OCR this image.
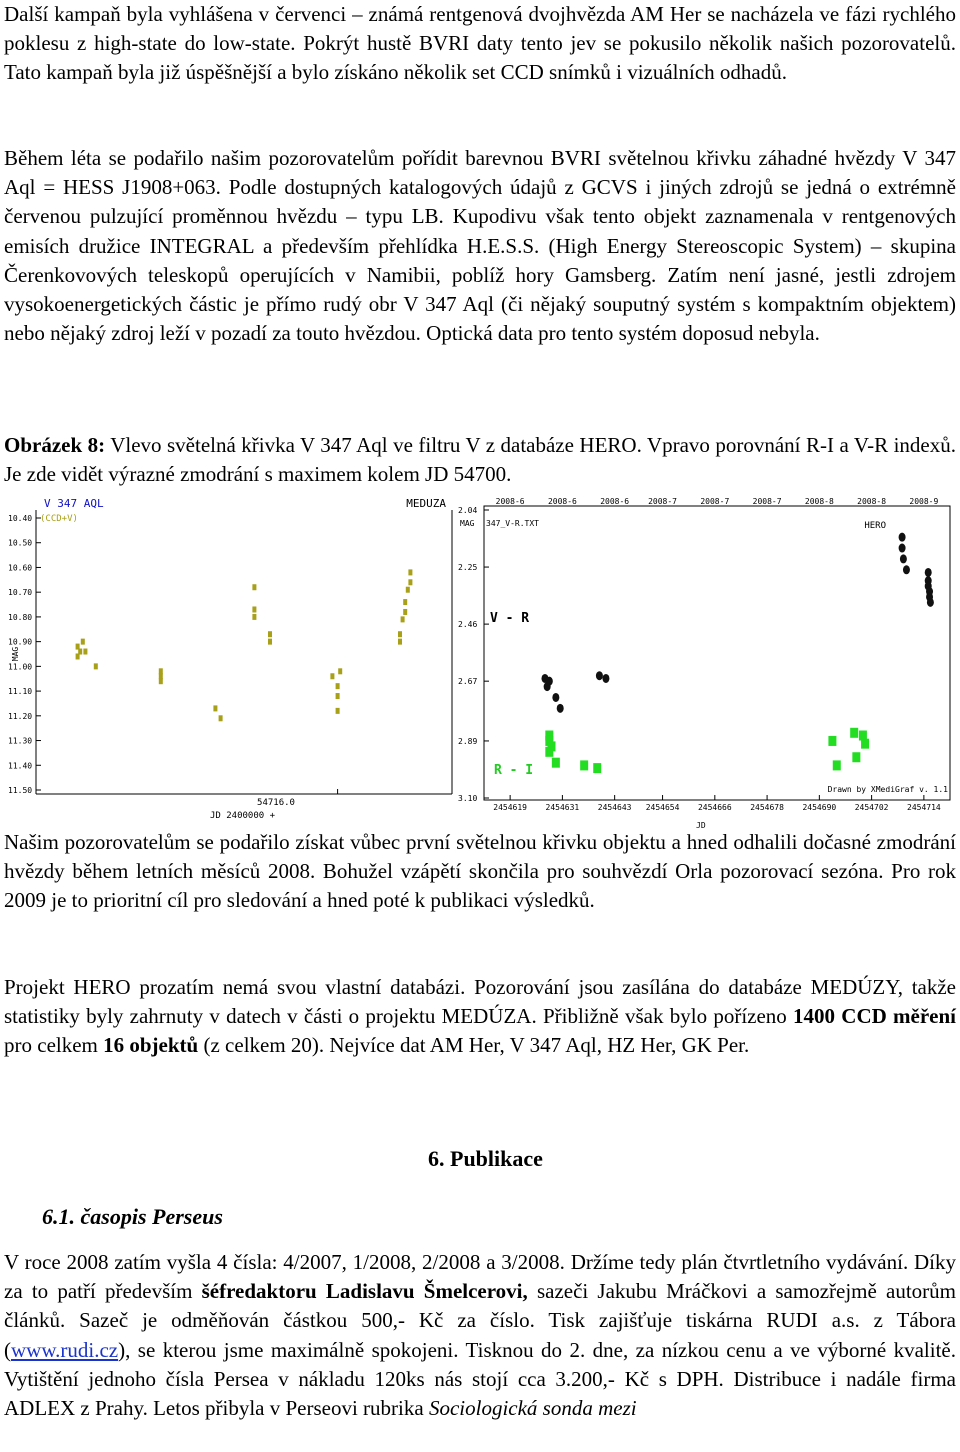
Další kampaň byla vyhlášena v červenci – známá rentgenová dvojhvězda AM Her se nacházela ve fázi rychlého poklesu z high-state do low-state. Pokrýt hustě BVRI daty tento jev se pokusilo několik našich pozorovatelů. Tato kampaň byla již úspěšnější a bylo získáno několik set CCD snímků i vizuálních odhadů.

Během léta se podařilo našim pozorovatelům pořídit barevnou BVRI světelnou křivku záhadné hvězdy V 347 Aql = HESS J1908+063. Podle dostupných katalogových údajů z GCVS i jiných zdrojů se jedná o extrémně červenou pulzující proměnnou hvězdu – typu LB. Kupodivu však tento objekt zaznamenala v rentgenových emisích družice INTEGRAL a především přehlídka H.E.S.S. (High Energy Stereoscopic System) – skupina Čerenkovových teleskopů operujících v Namibii, poblíž hory Gamsberg. Zatím není jasné, jestli zdrojem vysokoenergetických částic je přímo rudý obr V 347 Aql (či nějaký souputný systém s kompaktním objektem) nebo nějaký zdroj leží v pozadí za touto hvězdou. Optická data pro tento systém doposud nebyla.

Obrázek 8: Vlevo světelná křivka V 347 Aql ve filtru V z databáze HERO. Vpravo porovnání R-I a V-R indexů. Je zde vidět výrazné zmodrání s maximem kolem JD 54700.

V 347 AQL	MEDUZA
(CCD+V)
MAG
10.40
10.50
10.60
10.70
10.80
10.90
11.00
11.10
11.20
11.30
11.40
11.50
54716.0
JD 2400000 +
347_V-R.TXT
MAG	HERO
2008-6	2008-6	2008-6 2008-7	2008-7	2008-7	2008-8	2008-8	2008-9
2.04
2.25
2.46
2.67
2.89
3.10
2454619 2454631 2454643 2454654 2454666 2454678 2454690 2454702 2454714
V - R
R - I
Drawn by XMediGraf v. 1.1
JD

Našim pozorovatelům se podařilo získat vůbec první světelnou křivku objektu a hned odhalili dočasné zmodrání hvězdy během letních měsíců 2008. Bohužel vzápětí skončila pro souhvězdí Orla pozorovací sezóna. Pro rok 2009 je to prioritní cíl pro sledování a hned poté k publikaci výsledků.

Projekt HERO prozatím nemá svou vlastní databázi. Pozorování jsou zasílána do databáze MEDÚZY, takže statistiky byly zahrnuty v datech v části o projektu MEDÚZA. Přibližně však bylo pořízeno 1400 CCD měření pro celkem 16 objektů (z celkem 20). Nejvíce dat AM Her, V 347 Aql, HZ Her, GK Per.

6. Publikace
6.1. časopis Perseus

V roce 2008 zatím vyšla 4 čísla: 4/2007, 1/2008, 2/2008 a 3/2008. Držíme tedy plán čtvrtletního vydávání. Díky za to patří především šéfredaktoru Ladislavu Šmelcerovi, sazeči Jakubu Mráčkovi a samozřejmě autorům článků. Sazeč je odměňován částkou 500,- Kč za číslo. Tisk zajišťuje tiskárna RUDI a.s. z Tábora (www.rudi.cz), se kterou jsme maximálně spokojeni. Tisknou do 2. dne, za nízkou cenu a ve výborné kvalitě. Vytištění jednoho čísla Persea v nákladu 120ks nás stojí cca 3.200,- Kč s DPH. Distribuce i nadále firma ADLEX z Prahy. Letos přibyla v Perseovi rubrika Sociologická sonda mezi
